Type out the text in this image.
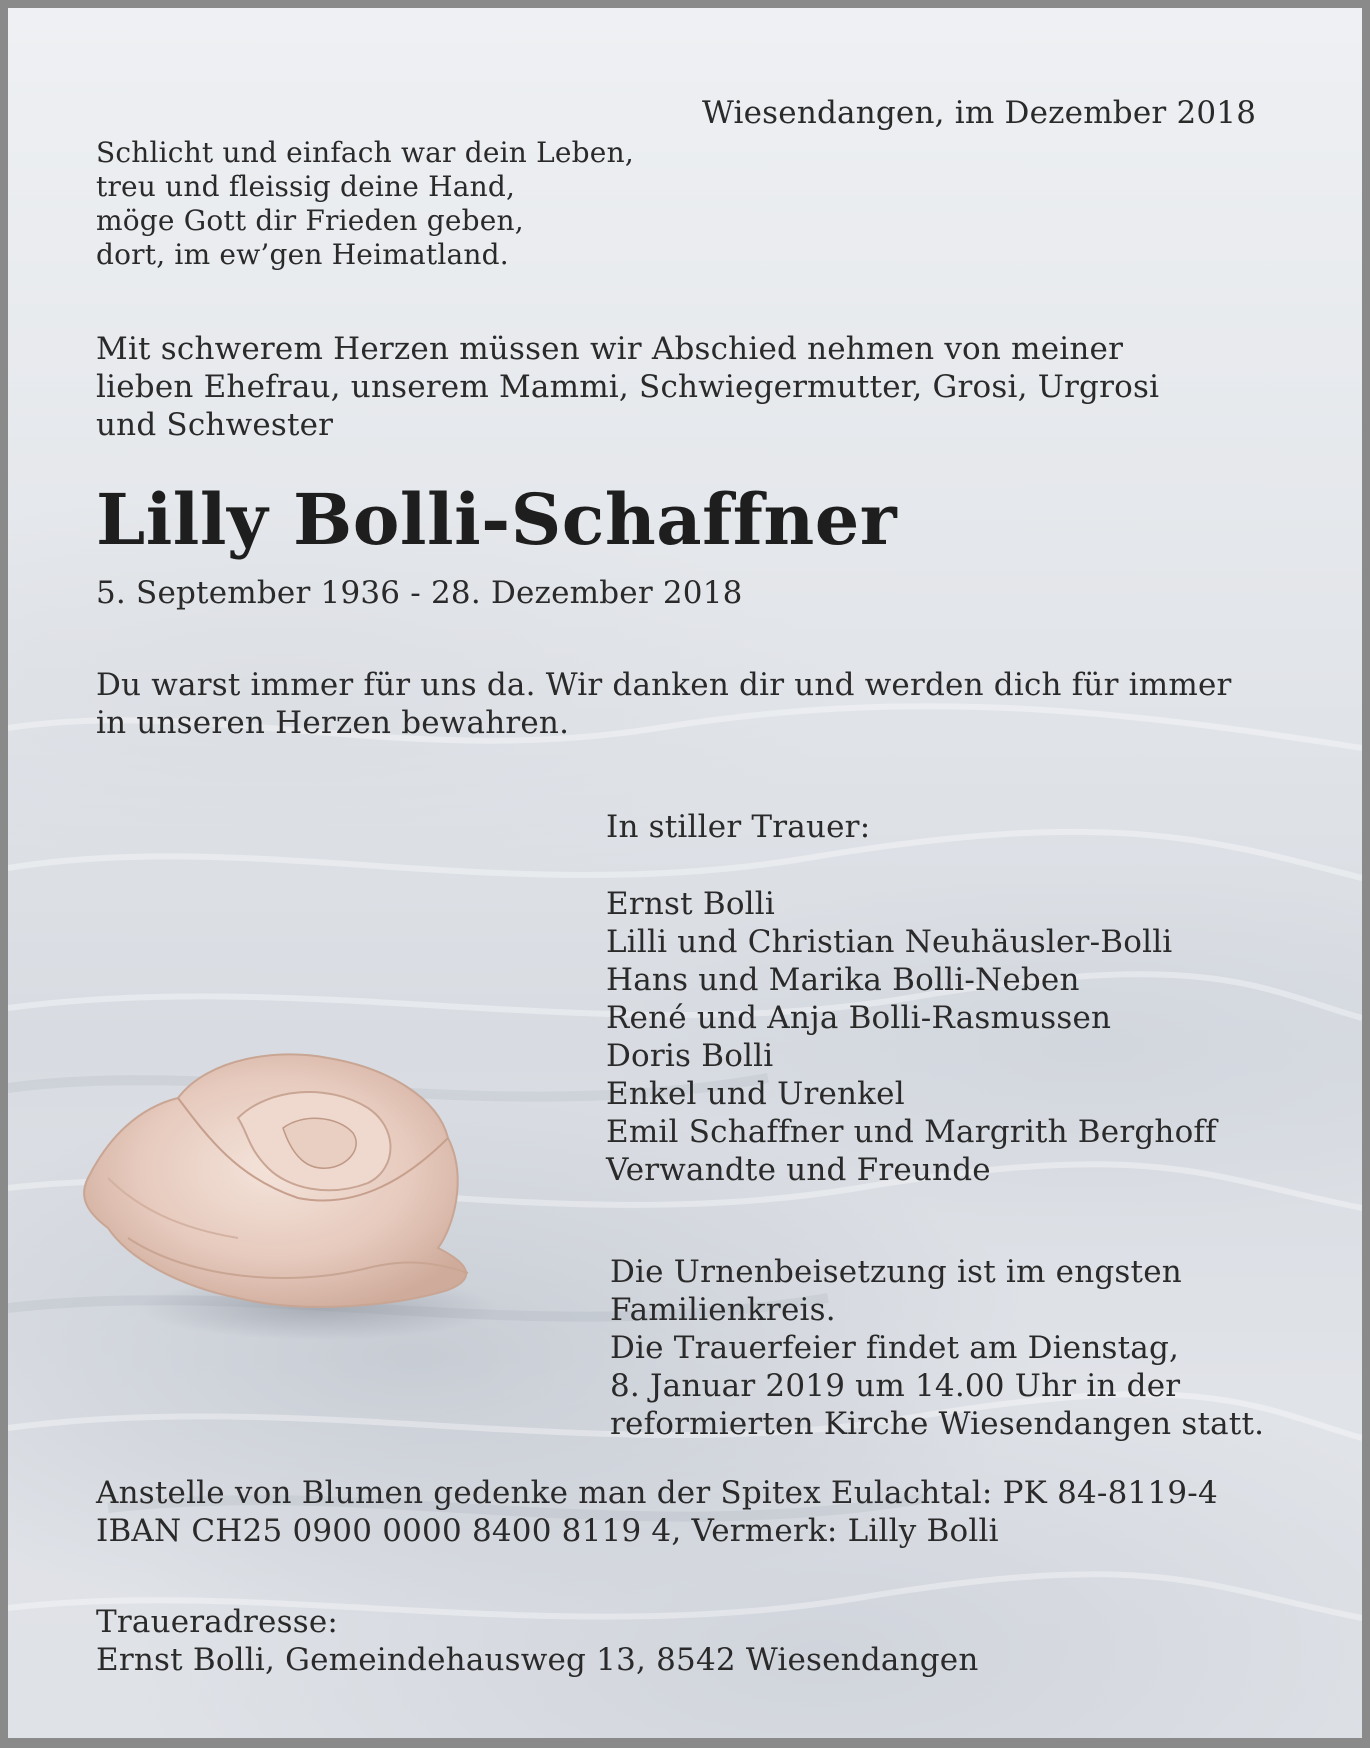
Wiesendangen, im Dezember 2018

Schlicht und einfach war dein Leben,

treu und fleissig deine Hand,

möge Gott dir Frieden geben,

dort, im ew’gen Heimatland.

Mit schwerem Herzen müssen wir Abschied nehmen von meiner

lieben Ehefrau, unserem Mammi, Schwiegermutter, Grosi, Urgrosi

und Schwester

Lilly Bolli-Schaffner

5. September 1936 - 28. Dezember 2018

Du warst immer für uns da. Wir danken dir und werden dich für immer

in unseren Herzen bewahren.

In stiller Trauer:

Ernst Bolli

Lilli und Christian Neuhäusler-Bolli

Hans und Marika Bolli-Neben

René und Anja Bolli-Rasmussen

Doris Bolli

Enkel und Urenkel

Emil Schaffner und Margrith Berghoff

Verwandte und Freunde

Die Urnenbeisetzung ist im engsten

Familienkreis.

Die Trauerfeier findet am Dienstag,

8. Januar 2019 um 14.00 Uhr in der

reformierten Kirche Wiesendangen statt.

Anstelle von Blumen gedenke man der Spitex Eulachtal: PK 84-8119-4

IBAN CH25 0900 0000 8400 8119 4, Vermerk: Lilly Bolli

Traueradresse:

Ernst Bolli, Gemeindehausweg 13, 8542 Wiesendangen
